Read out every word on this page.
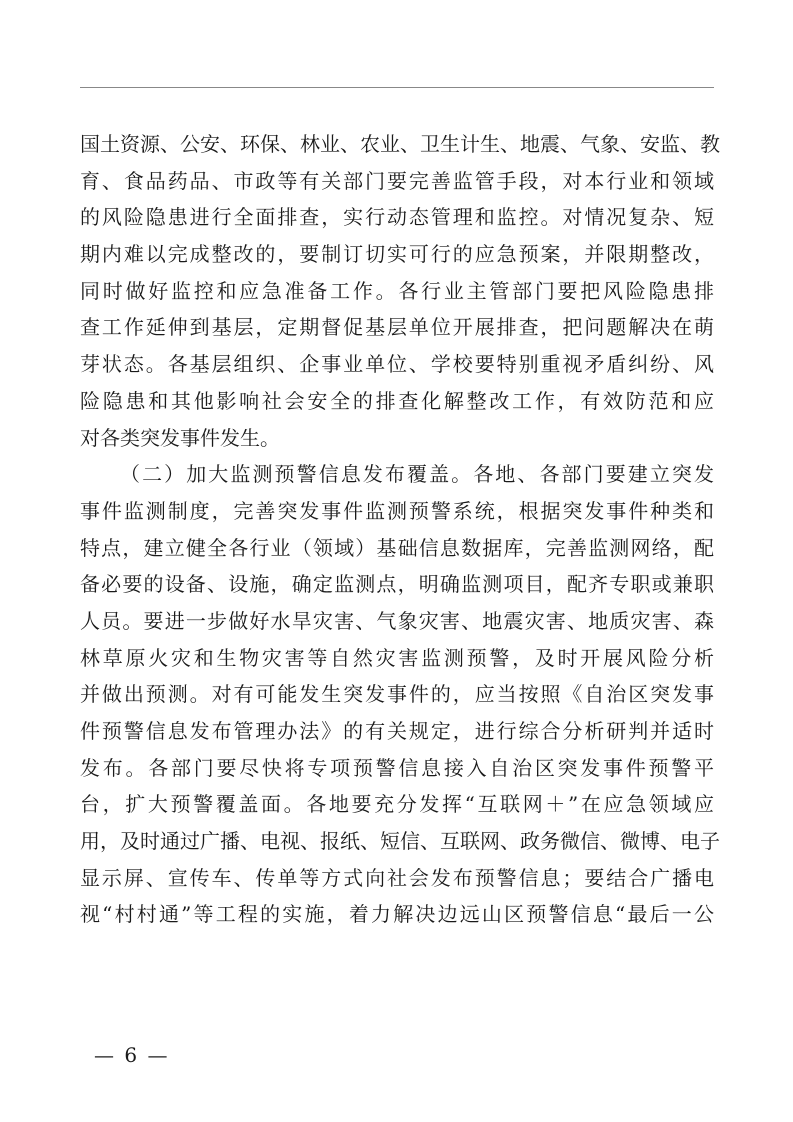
国土资源、公安、环保、林业、农业、卫生计生、地震、气象、安监、教
育、食品药品、市政等有关部门要完善监管手段，对本行业和领域
的风险隐患进行全面排查，实行动态管理和监控。对情况复杂、短
期内难以完成整改的，要制订切实可行的应急预案，并限期整改，
同时做好监控和应急准备工作。各行业主管部门要把风险隐患排
查工作延伸到基层，定期督促基层单位开展排查，把问题解决在萌
芽状态。各基层组织、企事业单位、学校要特别重视矛盾纠纷、风
险隐患和其他影响社会安全的排查化解整改工作，有效防范和应
对各类突发事件发生。
（二）加大监测预警信息发布覆盖。各地、各部门要建立突发
事件监测制度，完善突发事件监测预警系统，根据突发事件种类和
特点，建立健全各行业（领域）基础信息数据库，完善监测网络，配
备必要的设备、设施，确定监测点，明确监测项目，配齐专职或兼职
人员。要进一步做好水旱灾害、气象灾害、地震灾害、地质灾害、森
林草原火灾和生物灾害等自然灾害监测预警，及时开展风险分析
并做出预测。对有可能发生突发事件的，应当按照《自治区突发事
件预警信息发布管理办法》的有关规定，进行综合分析研判并适时
发布。各部门要尽快将专项预警信息接入自治区突发事件预警平
台，扩大预警覆盖面。各地要充分发挥“互联网＋”在应急领域应
用，及时通过广播、电视、报纸、短信、互联网、政务微信、微博、电子
显示屏、宣传车、传单等方式向社会发布预警信息；要结合广播电
视“村村通”等工程的实施，着力解决边远山区预警信息“最后一公
— 6 —
